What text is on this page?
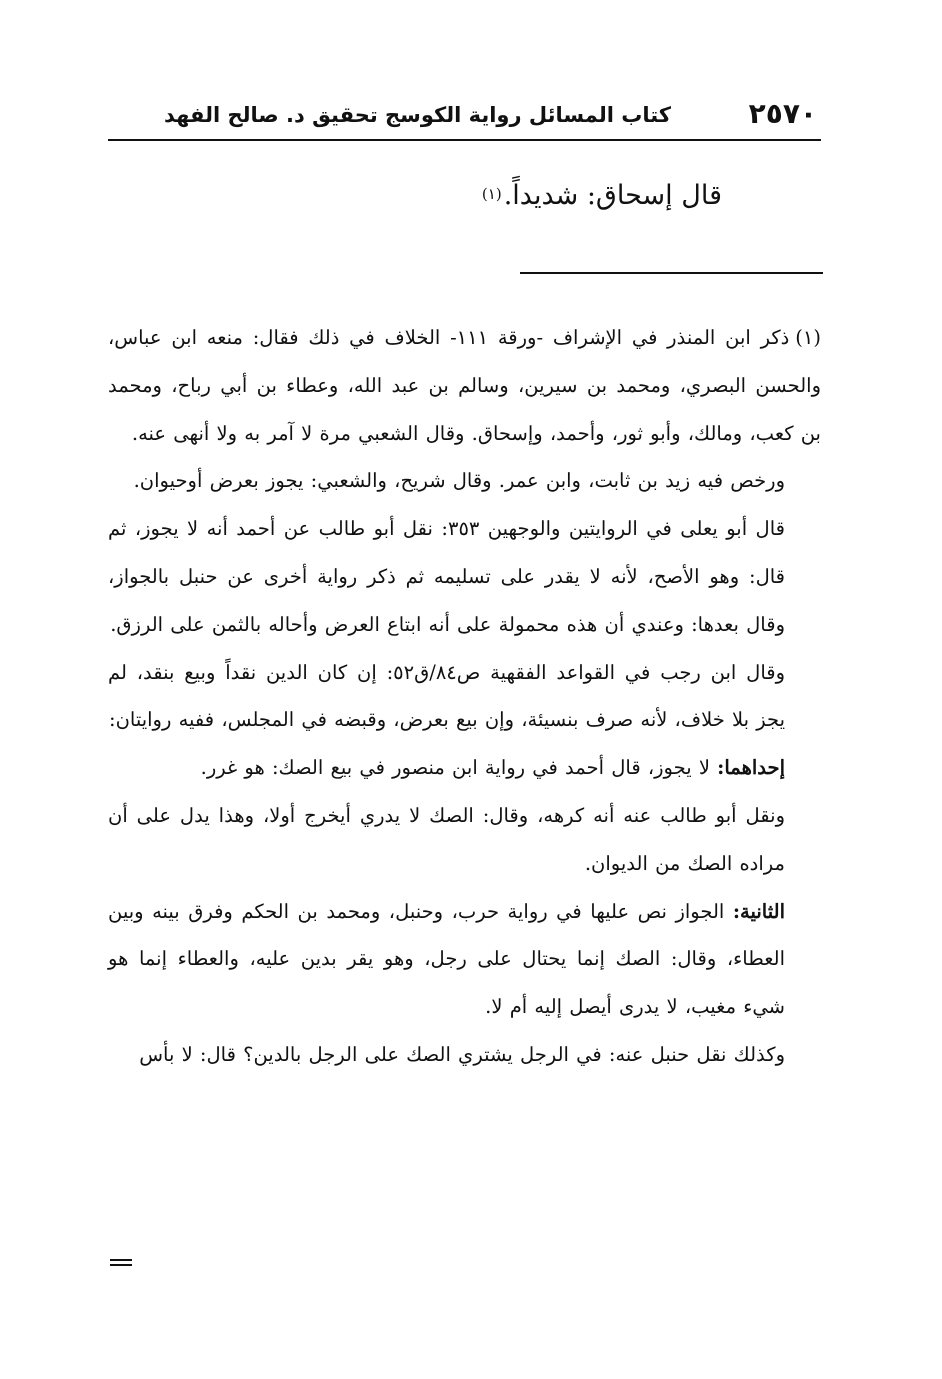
٢٥٧٠
كتاب المسائل رواية الكوسج تحقيق د. صالح الفهد
قال إسحاق: شديداً.$^{(١)}$

(١)ذكر ابن المنذر في الإشراف -ورقة ١١١- الخلاف في ذلك فقال: منعه ابن عباس، والحسن البصري، ومحمد بن سيرين، وسالم بن عبد الله، وعطاء بن أبي رباح، ومحمد بن كعب، ومالك، وأبو ثور، وأحمد، وإسحاق. وقال الشعبي مرة لا آمر به ولا أنهى عنه.

ورخص فيه زيد بن ثابت، وابن عمر. وقال شريح، والشعبي: يجوز بعرض أوحيوان.

قال أبو يعلى في الروايتين والوجهين ٣٥٣: نقل أبو طالب عن أحمد أنه لا يجوز، ثم قال: وهو الأصح، لأنه لا يقدر على تسليمه ثم ذكر رواية أخرى عن حنبل بالجواز، وقال بعدها: وعندي أن هذه محمولة على أنه ابتاع العرض وأحاله بالثمن على الرزق.

وقال ابن رجب في القواعد الفقهية ص٨٤/ق٥٢: إن كان الدين نقداً وبيع بنقد، لم يجز بلا خلاف، لأنه صرف بنسيئة، وإن بيع بعرض، وقبضه في المجلس، ففيه روايتان:

إحداهما: لا يجوز، قال أحمد في رواية ابن منصور في بيع الصك: هو غرر.

ونقل أبو طالب عنه أنه كرهه، وقال: الصك لا يدري أيخرج أولا، وهذا يدل على أن مراده الصك من الديوان.

الثانية: الجواز نص عليها في رواية حرب، وحنبل، ومحمد بن الحكم وفرق بينه وبين العطاء، وقال: الصك إنما يحتال على رجل، وهو يقر بدين عليه، والعطاء إنما هو شيء مغيب، لا يدرى أيصل إليه أم لا.

وكذلك نقل حنبل عنه: في الرجل يشتري الصك على الرجل بالدين؟ قال: لا بأس
